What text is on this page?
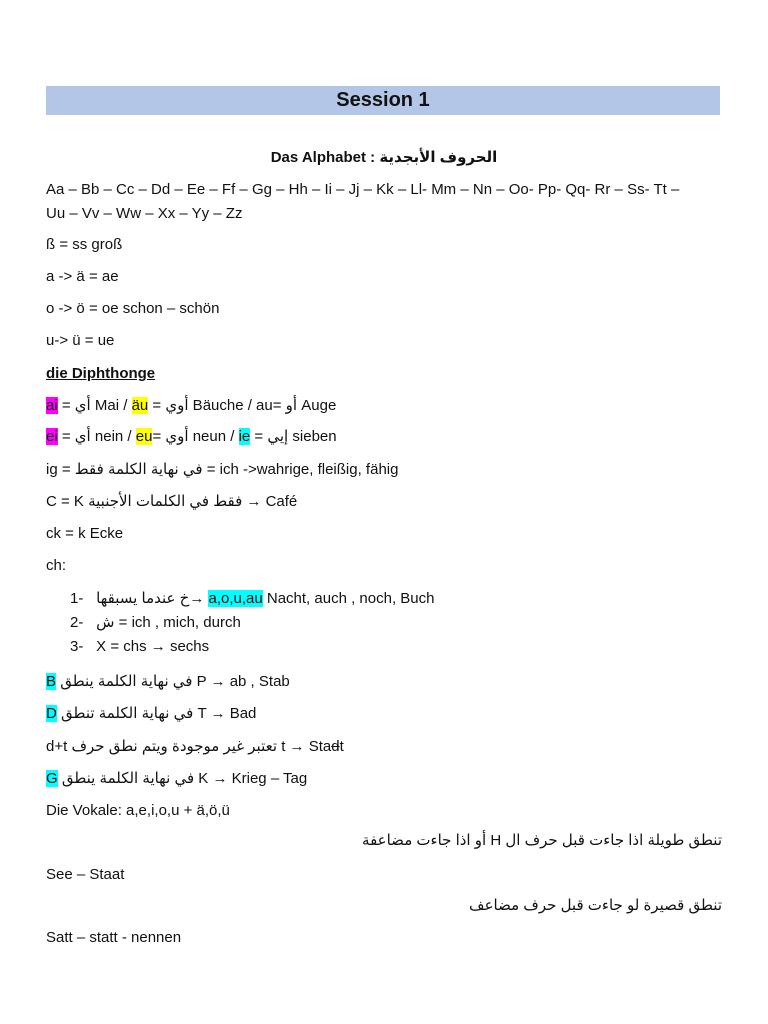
Session 1
Das Alphabet : الحروف الأبجدية
Aa – Bb – Cc – Dd – Ee – Ff – Gg – Hh – Ii – Jj – Kk – Ll- Mm – Nn – Oo- Pp- Qq- Rr – Ss- Tt –
Uu – Vv – Ww – Xx – Yy – Zz
ß = ss groß
a -> ä = ae
o -> ö = oe schon – schön
u-> ü = ue
die Diphthonge
ai = أي Mai / äu = أوي Bäuche / au= أو Auge
ei = أي nein / eu= أوي neun / ie = إيي sieben
ig = في نهاية الكلمة فقط = ich ->wahrige, fleißig, fähig
C = K فقط في الكلمات الأجنبية → Café
ck = k Ecke
ch:
1- خ عندما يسبقها→ a,o,u,au Nacht, auch , noch, Buch
2- ش = ich , mich, durch
3- X = chs → sechs
B في نهاية الكلمة ينطق P → ab , Stab
D في نهاية الكلمة تنطق T → Bad
d+t تعتبر غير موجودة ويتم نطق حرف t → Stadt
G في نهاية الكلمة ينطق K → Krieg – Tag
Die Vokale: a,e,i,o,u + ä,ö,ü
تنطق طويلة اذا جاءت قبل حرف ال H أو اذا جاءت مضاعفة
See – Staat
تنطق قصيرة لو جاءت قبل حرف مضاعف
Satt – statt - nennen
